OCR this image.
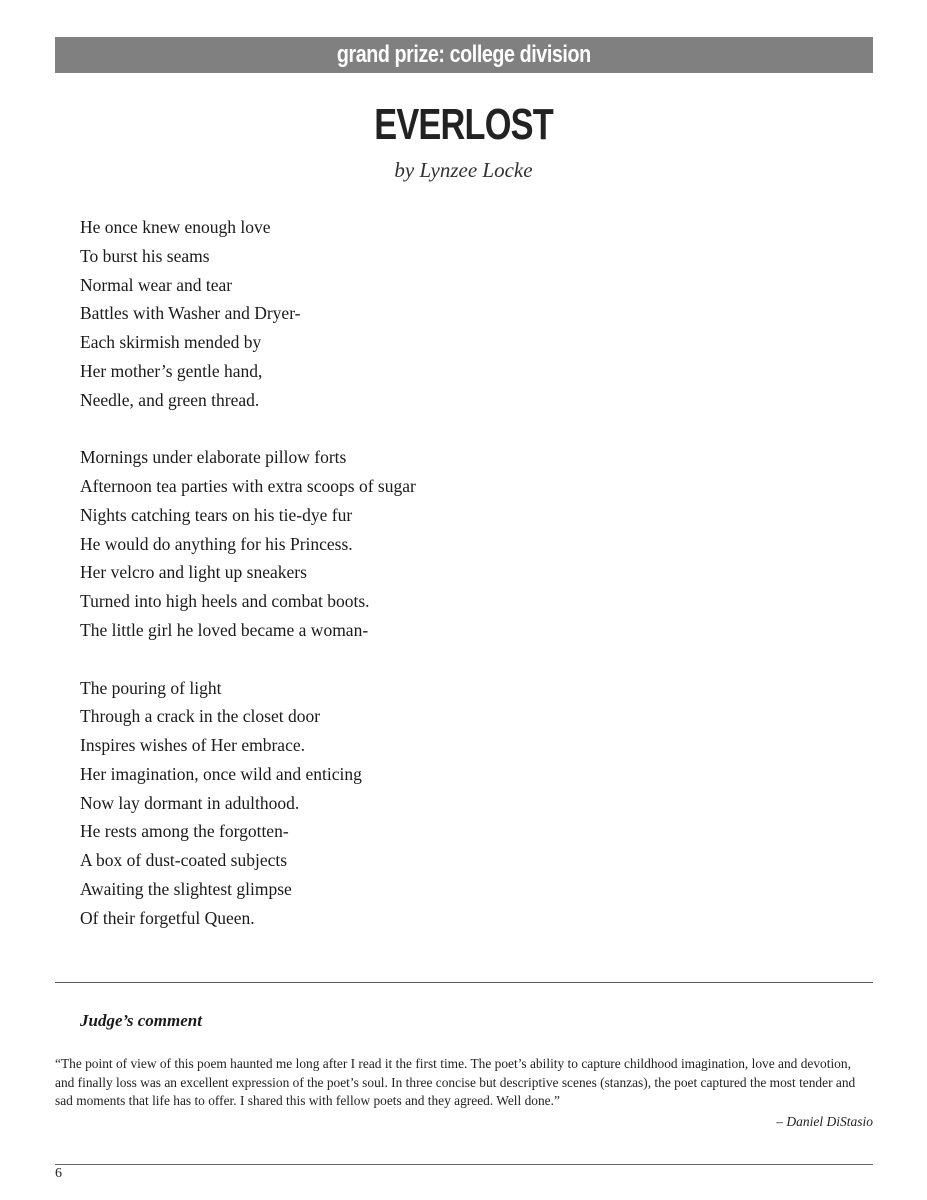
grand prize: college division
EVERLOST
by Lynzee Locke
He once knew enough love
To burst his seams
Normal wear and tear
Battles with Washer and Dryer-
Each skirmish mended by
Her mother’s gentle hand,
Needle, and green thread.
Mornings under elaborate pillow forts
Afternoon tea parties with extra scoops of sugar
Nights catching tears on his tie-dye fur
He would do anything for his Princess.
Her velcro and light up sneakers
Turned into high heels and combat boots.
The little girl he loved became a woman-
The pouring of light
Through a crack in the closet door
Inspires wishes of Her embrace.
Her imagination, once wild and enticing
Now lay dormant in adulthood.
He rests among the forgotten-
A box of dust-coated subjects
Awaiting the slightest glimpse
Of their forgetful Queen.
Judge’s comment
“The point of view of this poem haunted me long after I read it the first time. The poet’s ability to capture childhood imagination, love and devotion, and finally loss was an excellent expression of the poet’s soul. In three concise but descriptive scenes (stanzas), the poet captured the most tender and sad moments that life has to offer. I shared this with fellow poets and they agreed. Well done.”
– Daniel DiStasio
6
